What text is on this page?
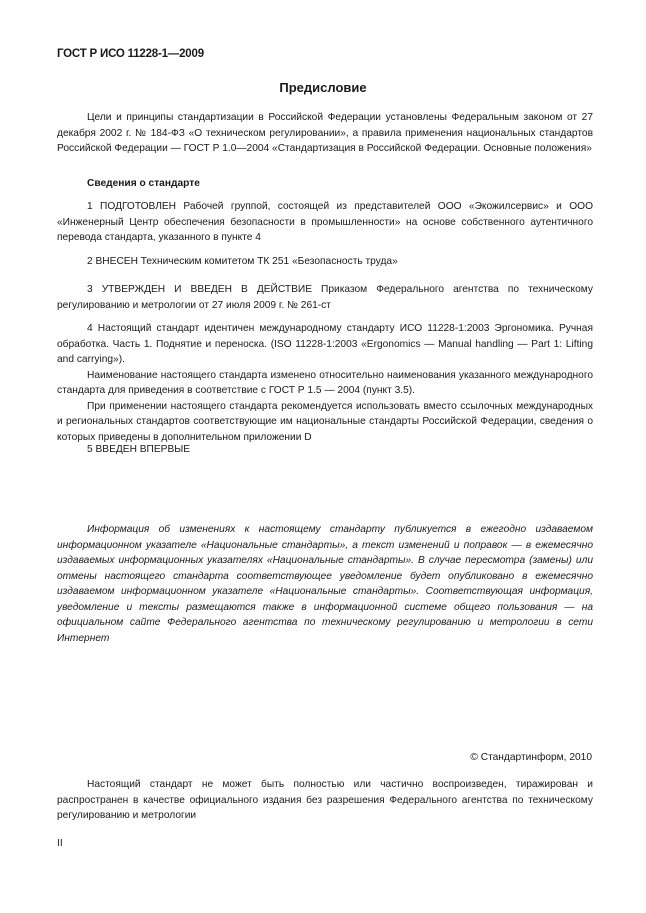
ГОСТ Р ИСО 11228-1—2009
Предисловие

Цели и принципы стандартизации в Российской Федерации установлены Федеральным законом от 27 декабря 2002 г. № 184-ФЗ «О техническом регулировании», а правила применения национальных стандартов Российской Федерации — ГОСТ Р 1.0—2004 «Стандартизация в Российской Федерации. Основные положения»

Сведения о стандарте

1 ПОДГОТОВЛЕН Рабочей группой, состоящей из представителей ООО «Экожилсервис» и ООО «Инженерный Центр обеспечения безопасности в промышленности» на основе собственного аутентичного перевода стандарта, указанного в пункте 4

2 ВНЕСЕН Техническим комитетом ТК 251 «Безопасность труда»

3 УТВЕРЖДЕН И ВВЕДЕН В ДЕЙСТВИЕ Приказом Федерального агентства по техническому регулированию и метрологии от 27 июля 2009 г. № 261-ст

4 Настоящий стандарт идентичен международному стандарту ИСО 11228-1:2003 Эргономика. Ручная обработка. Часть 1. Поднятие и переноска. (ISO 11228-1:2003 «Ergonomics — Manual handling — Part 1: Lifting and carrying»).

Наименование настоящего стандарта изменено относительно наименования указанного международного стандарта для приведения в соответствие с ГОСТ Р 1.5 — 2004 (пункт 3.5).

При применении настоящего стандарта рекомендуется использовать вместо ссылочных международных и региональных стандартов соответствующие им национальные стандарты Российской Федерации, сведения о которых приведены в дополнительном приложении D

5 ВВЕДЕН ВПЕРВЫЕ

Информация об изменениях к настоящему стандарту публикуется в ежегодно издаваемом информационном указателе «Национальные стандарты», а текст изменений и поправок — в ежемесячно издаваемых информационных указателях «Национальные стандарты». В случае пересмотра (замены) или отмены настоящего стандарта соответствующее уведомление будет опубликовано в ежемесячно издаваемом информационном указателе «Национальные стандарты». Соответствующая информация, уведомление и тексты размещаются также в информационной системе общего пользования — на официальном сайте Федерального агентства по техническому регулированию и метрологии в сети Интернет

© Стандартинформ, 2010

Настоящий стандарт не может быть полностью или частично воспроизведен, тиражирован и распространен в качестве официального издания без разрешения Федерального агентства по техническому регулированию и метрологии

II
